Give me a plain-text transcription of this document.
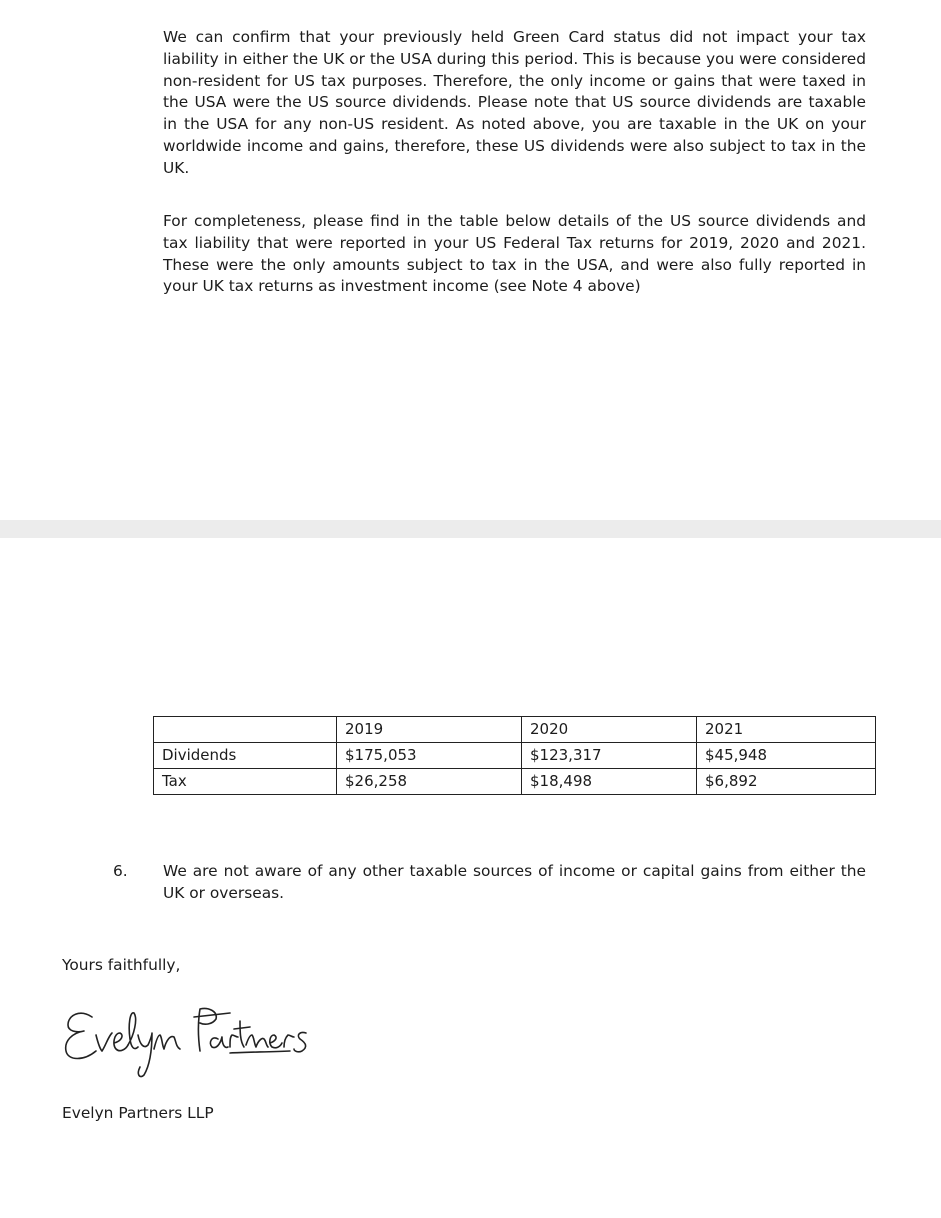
We can confirm that your previously held Green Card status did not impact your tax liability in either the UK or the USA during this period. This is because you were considered non-resident for US tax purposes. Therefore, the only income or gains that were taxed in the USA were the US source dividends. Please note that US source dividends are taxable in the USA for any non-US resident. As noted above, you are taxable in the UK on your worldwide income and gains, therefore, these US dividends were also subject to tax in the UK.

For completeness, please find in the table below details of the US source dividends and tax liability that were reported in your US Federal Tax returns for 2019, 2020 and 2021. These were the only amounts subject to tax in the USA, and were also fully reported in your UK tax returns as investment income (see Note 4 above)

	2019	2020	2021
Dividends	$175,053	$123,317	$45,948
Tax	$26,258	$18,498	$6,892
6. We are not aware of any other taxable sources of income or capital gains from either the UK or overseas.

Yours faithfully,
Evelyn Partners LLP
